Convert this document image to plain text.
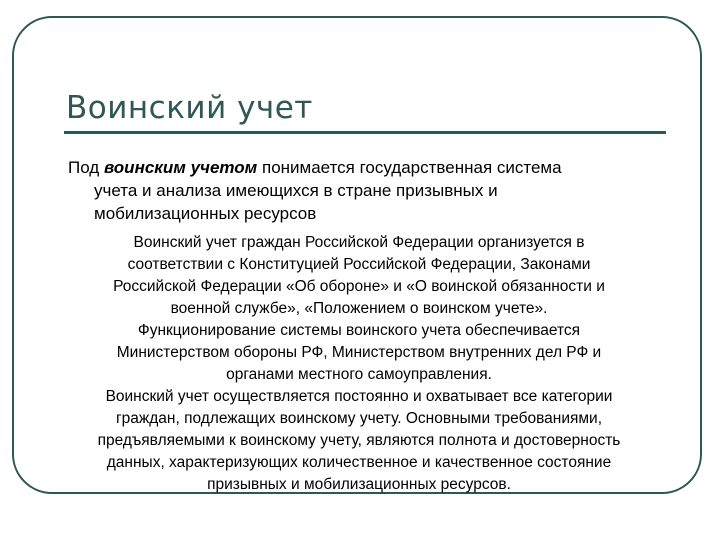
Воинский учет

Под воинским учетом понимается государственная система
учета и анализа имеющихся в стране призывных и
мобилизационных ресурсов

Воинский учет граждан Российской Федерации организуется в
соответствии с Конституцией Российской Федерации, Законами
Российской Федерации «Об обороне» и «О воинской обязанности и
военной службе», «Положением о воинском учете».
Функционирование системы воинского учета обеспечивается
Министерством обороны РФ, Министерством внутренних дел РФ и
органами местного самоуправления.
Воинский учет осуществляется постоянно и охватывает все категории
граждан, подлежащих воинскому учету. Основными требованиями,
предъявляемыми к воинскому учету, являются полнота и достоверность
данных, характеризующих количественное и качественное состояние
призывных и мобилизационных ресурсов.
